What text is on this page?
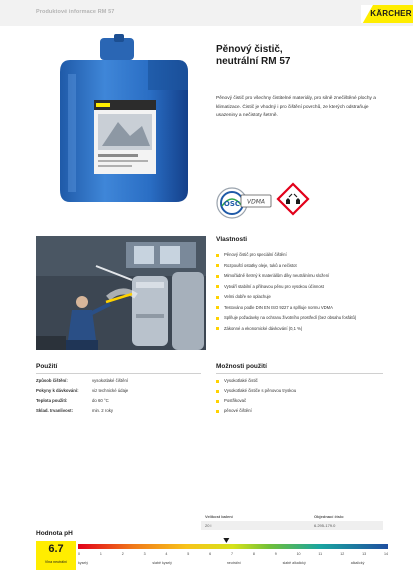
Produktové informace RM 57	KÄRCHER
OSC VDMA
Pěnový čistič,
neutrální RM 57

Pěnový čistič pro všechny čistitelné materiály, pro silně znečištěné plochy a klimatizace. Čistič je vhodný i pro čištění povrchů, ze kterých odstraňuje usazeniny a nečistoty šetrně.

Vlastnosti
Pěnový čistič pro speciální čištění
Rozpouští ostatky oleje, tuků a nečistot
Mimořádně šetrný k materiálům díky neutrálnímu složení
Vytváří stabilní a přilnavou pěnu pro vysokou účinnost
Velmi dobře se oplachuje
Testováno podle DIN EN ISO 9227 a splňuje normu VDMA
Splňuje požadavky na ochranu životního prostředí (bez obsahu fosfátů)
Zákonné a ekonomické dávkování (0,1 %)
Použití
Způsob čištění:	vysokotlaké čištění
Pokyny k dávkování:	viz technické údaje
Teplota použití:	do 60 °C
Sklad. trvanlivost:	min. 2 roky
Možnosti použití
Vysokotlaké čistič
Vysokotlaké čističe s pěnovou tryskou
Postřikovač
pěnové čištění
Velikost balení	Objednací číslo
20 l	6.295-179.0
Hodnota pH
6.7
Vlna neutrální
0	1	2	3	4	5	6	7	8	9	10	11	12	13	14
kyselý	slabě kyselý	neutrální	slabě alkalický	alkalický
